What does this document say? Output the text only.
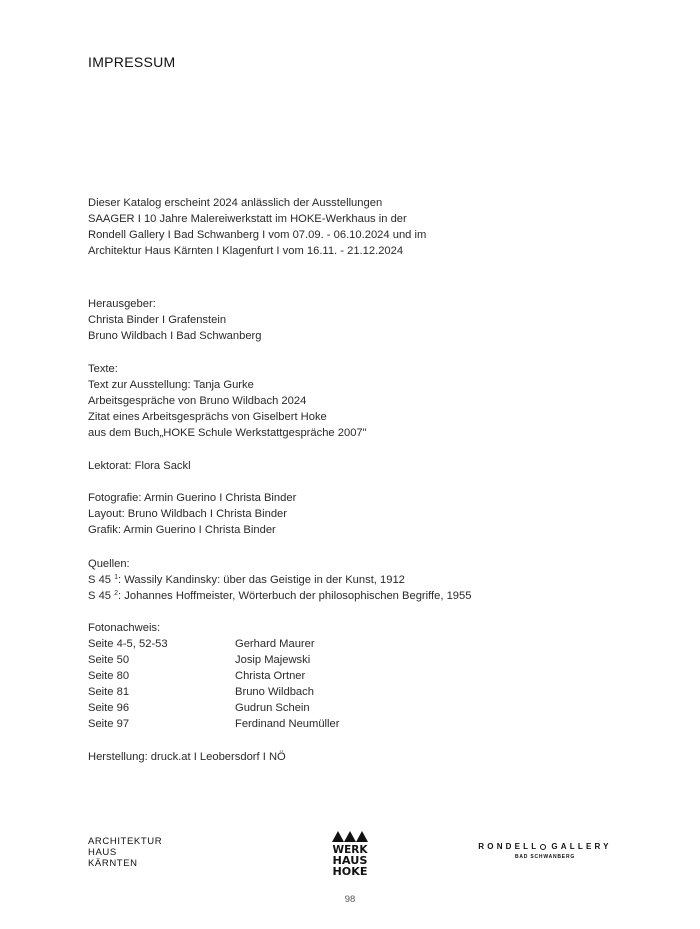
IMPRESSUM
Dieser Katalog erscheint 2024 anlässlich der Ausstellungen
SAAGER I 10 Jahre Malereiwerkstatt im HOKE-Werkhaus in der
Rondell Gallery I Bad Schwanberg I vom 07.09. - 06.10.2024 und im
Architektur Haus Kärnten I Klagenfurt I vom 16.11. - 21.12.2024
Herausgeber:
Christa Binder I Grafenstein
Bruno Wildbach I Bad Schwanberg
Texte:
Text zur Ausstellung: Tanja Gurke
Arbeitsgespräche von Bruno Wildbach 2024
Zitat eines Arbeitsgesprächs von Giselbert Hoke
aus dem Buch„HOKE Schule Werkstattgespräche 2007"
Lektorat: Flora Sackl
Fotografie: Armin Guerino I Christa Binder
Layout: Bruno Wildbach I Christa Binder
Grafik: Armin Guerino I Christa Binder
Quellen:
S 45 $^1$: Wassily Kandinsky: über das Geistige in der Kunst, 1912
S 45 $^2$: Johannes Hoffmeister, Wörterbuch der philosophischen Begriffe, 1955
Fotonachweis:
Seite 4-5, 52-53	Gerhard Maurer
Seite 50	Josip Majewski
Seite 80	Christa Ortner
Seite 81	Bruno Wildbach
Seite 96	Gudrun Schein
Seite 97	Ferdinand Neumüller
Herstellung: druck.at I Leobersdorf I NÖ
ARCHITEKTUR
HAUS
KÄRNTEN
WERK
HAUS
HOKE
RONDELL GALLERY
BAD SCHWANBERG
98
